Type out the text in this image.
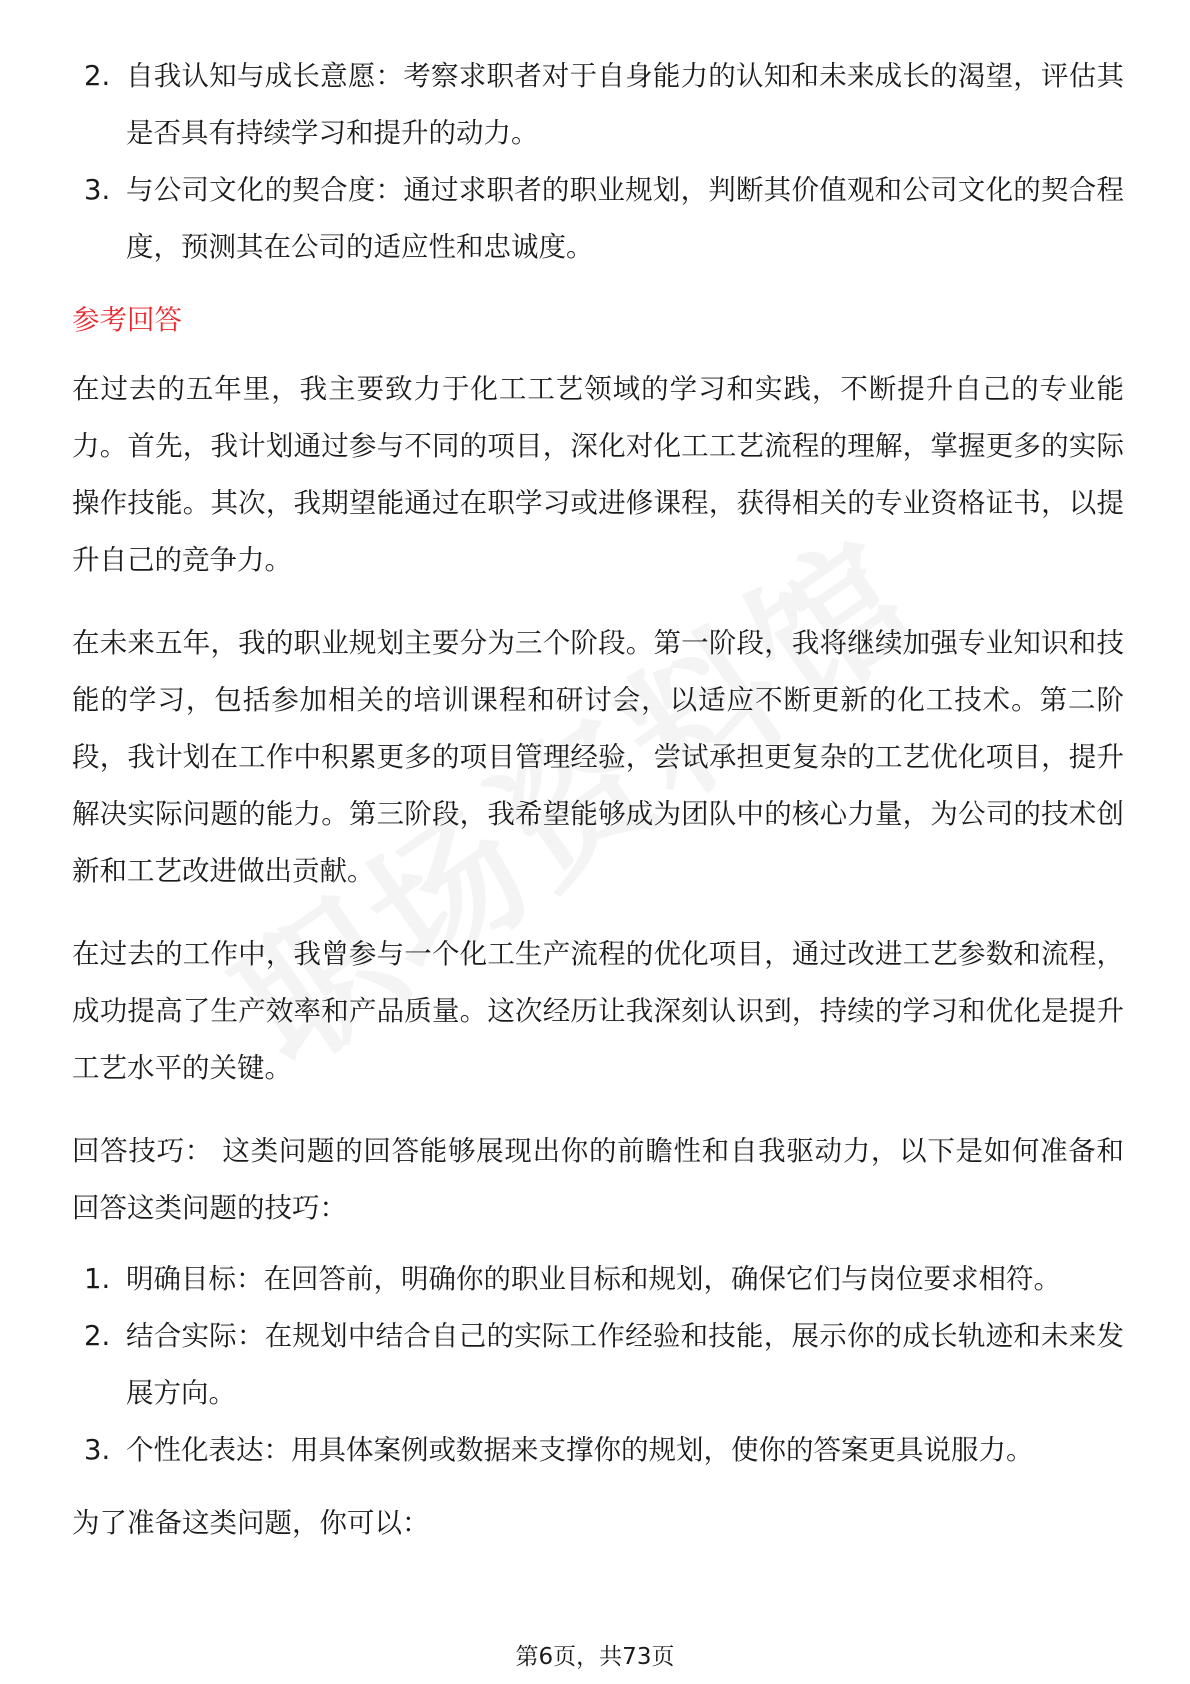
2. 自我认知与成长意愿：考察求职者对于自身能力的认知和未来成长的渴望，评估其是否具有持续学习和提升的动力。
3. 与公司文化的契合度：通过求职者的职业规划，判断其价值观和公司文化的契合程度，预测其在公司的适应性和忠诚度。
参考回答

在过去的五年里，我主要致力于化工工艺领域的学习和实践，不断提升自己的专业能力。首先，我计划通过参与不同的项目，深化对化工工艺流程的理解，掌握更多的实际操作技能。其次，我期望能通过在职学习或进修课程，获得相关的专业资格证书，以提升自己的竞争力。

在未来五年，我的职业规划主要分为三个阶段。第一阶段，我将继续加强专业知识和技能的学习，包括参加相关的培训课程和研讨会，以适应不断更新的化工技术。第二阶段，我计划在工作中积累更多的项目管理经验，尝试承担更复杂的工艺优化项目，提升解决实际问题的能力。第三阶段，我希望能够成为团队中的核心力量，为公司的技术创新和工艺改进做出贡献。

在过去的工作中，我曾参与一个化工生产流程的优化项目，通过改进工艺参数和流程，成功提高了生产效率和产品质量。这次经历让我深刻认识到，持续的学习和优化是提升工艺水平的关键。

回答技巧： 这类问题的回答能够展现出你的前瞻性和自我驱动力，以下是如何准备和回答这类问题的技巧：

1. 明确目标：在回答前，明确你的职业目标和规划，确保它们与岗位要求相符。
2. 结合实际：在规划中结合自己的实际工作经验和技能，展示你的成长轨迹和未来发展方向。
3. 个性化表达：用具体案例或数据来支撑你的规划，使你的答案更具说服力。

为了准备这类问题，你可以：

第6页，共73页
